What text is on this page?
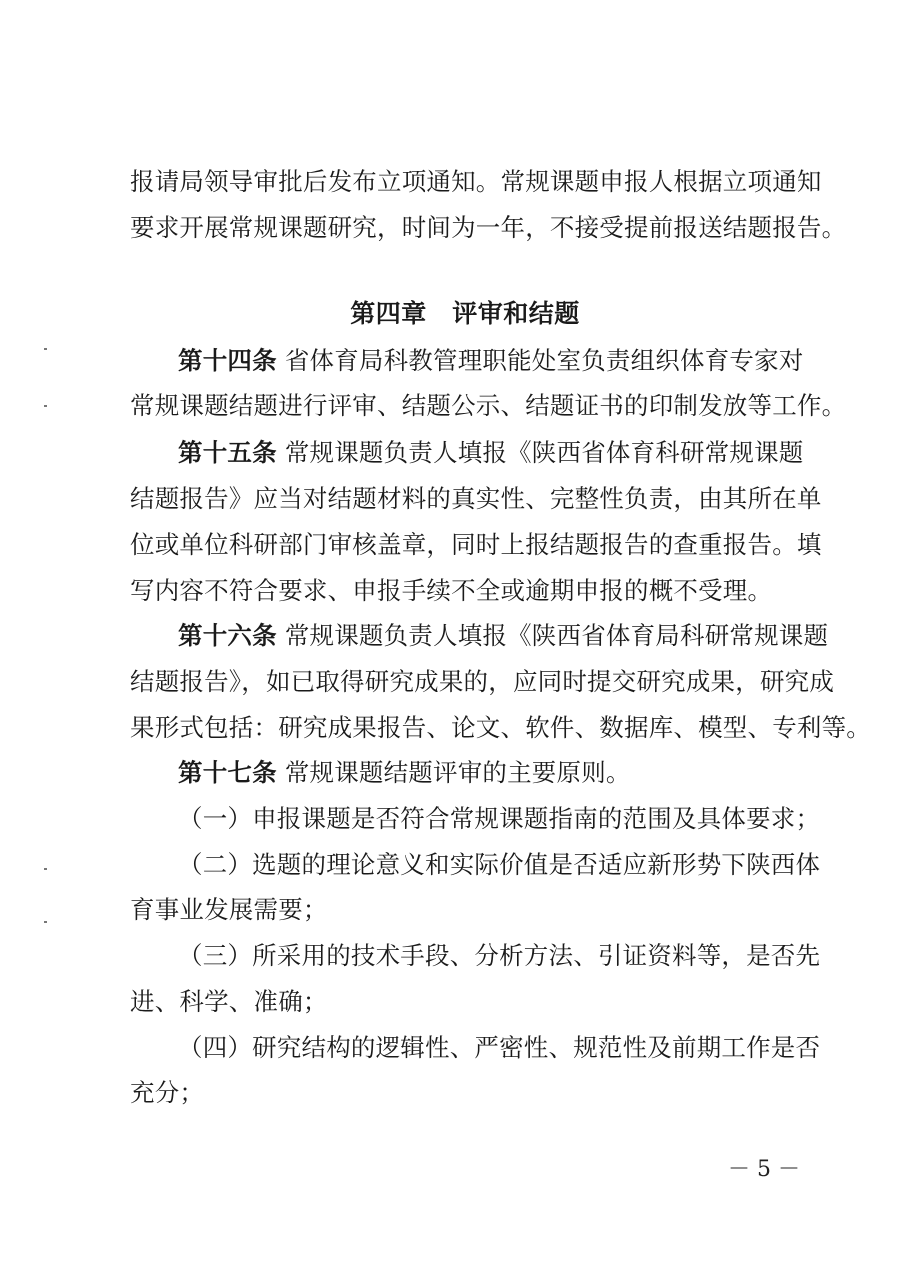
报请局领导审批后发布立项通知。常规课题申报人根据立项通知
要求开展常规课题研究，时间为一年，不接受提前报送结题报告。
第四章　评审和结题
第十四条 省体育局科教管理职能处室负责组织体育专家对
常规课题结题进行评审、结题公示、结题证书的印制发放等工作。
第十五条 常规课题负责人填报《陕西省体育科研常规课题
结题报告》应当对结题材料的真实性、完整性负责，由其所在单
位或单位科研部门审核盖章，同时上报结题报告的查重报告。填
写内容不符合要求、申报手续不全或逾期申报的概不受理。
第十六条 常规课题负责人填报《陕西省体育局科研常规课题
结题报告》，如已取得研究成果的，应同时提交研究成果，研究成
果形式包括：研究成果报告、论文、软件、数据库、模型、专利等。
第十七条 常规课题结题评审的主要原则。
（一）申报课题是否符合常规课题指南的范围及具体要求；
（二）选题的理论意义和实际价值是否适应新形势下陕西体
育事业发展需要；
（三）所采用的技术手段、分析方法、引证资料等，是否先
进、科学、准确；
（四）研究结构的逻辑性、严密性、规范性及前期工作是否
充分；
－ 5 －
